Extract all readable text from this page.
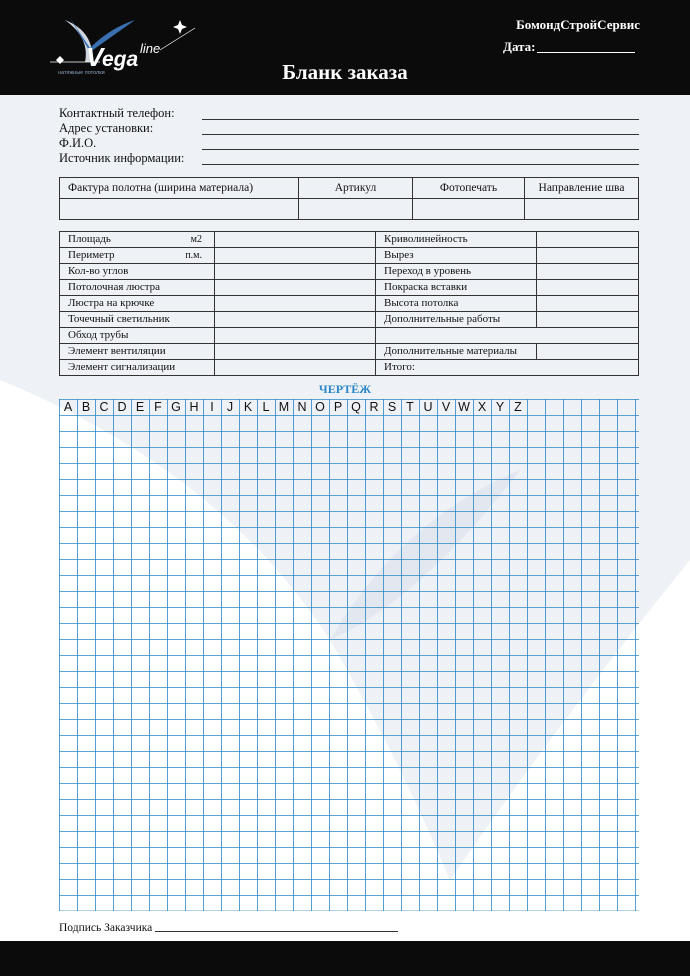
ega line
натяжные потолки
V
БомондСтройСервис
Дата:
Бланк заказа
Контактный телефон:
Адрес установки:
Ф.И.О.
Источник информации:
Фактура полотна (ширина материала)	Артикул	Фотопечать	Направление шва

Площадь м2		Криволинейность	

Периметр п.м.		Вырез	
Кол-во углов		Переход в уровень	
Потолочная люстра		Покраска вставки	
Люстра на крючке		Высота потолка	
Точечный светильник		Дополнительные работы	
Обход трубы			
Элемент вентиляции		Дополнительные материалы	
Элемент сигнализации		Итого:	
ЧЕРТЁЖ
A B C D E F G H I	J K L M N O P Q R S T U V W X Y Z
Подпись Заказчика
